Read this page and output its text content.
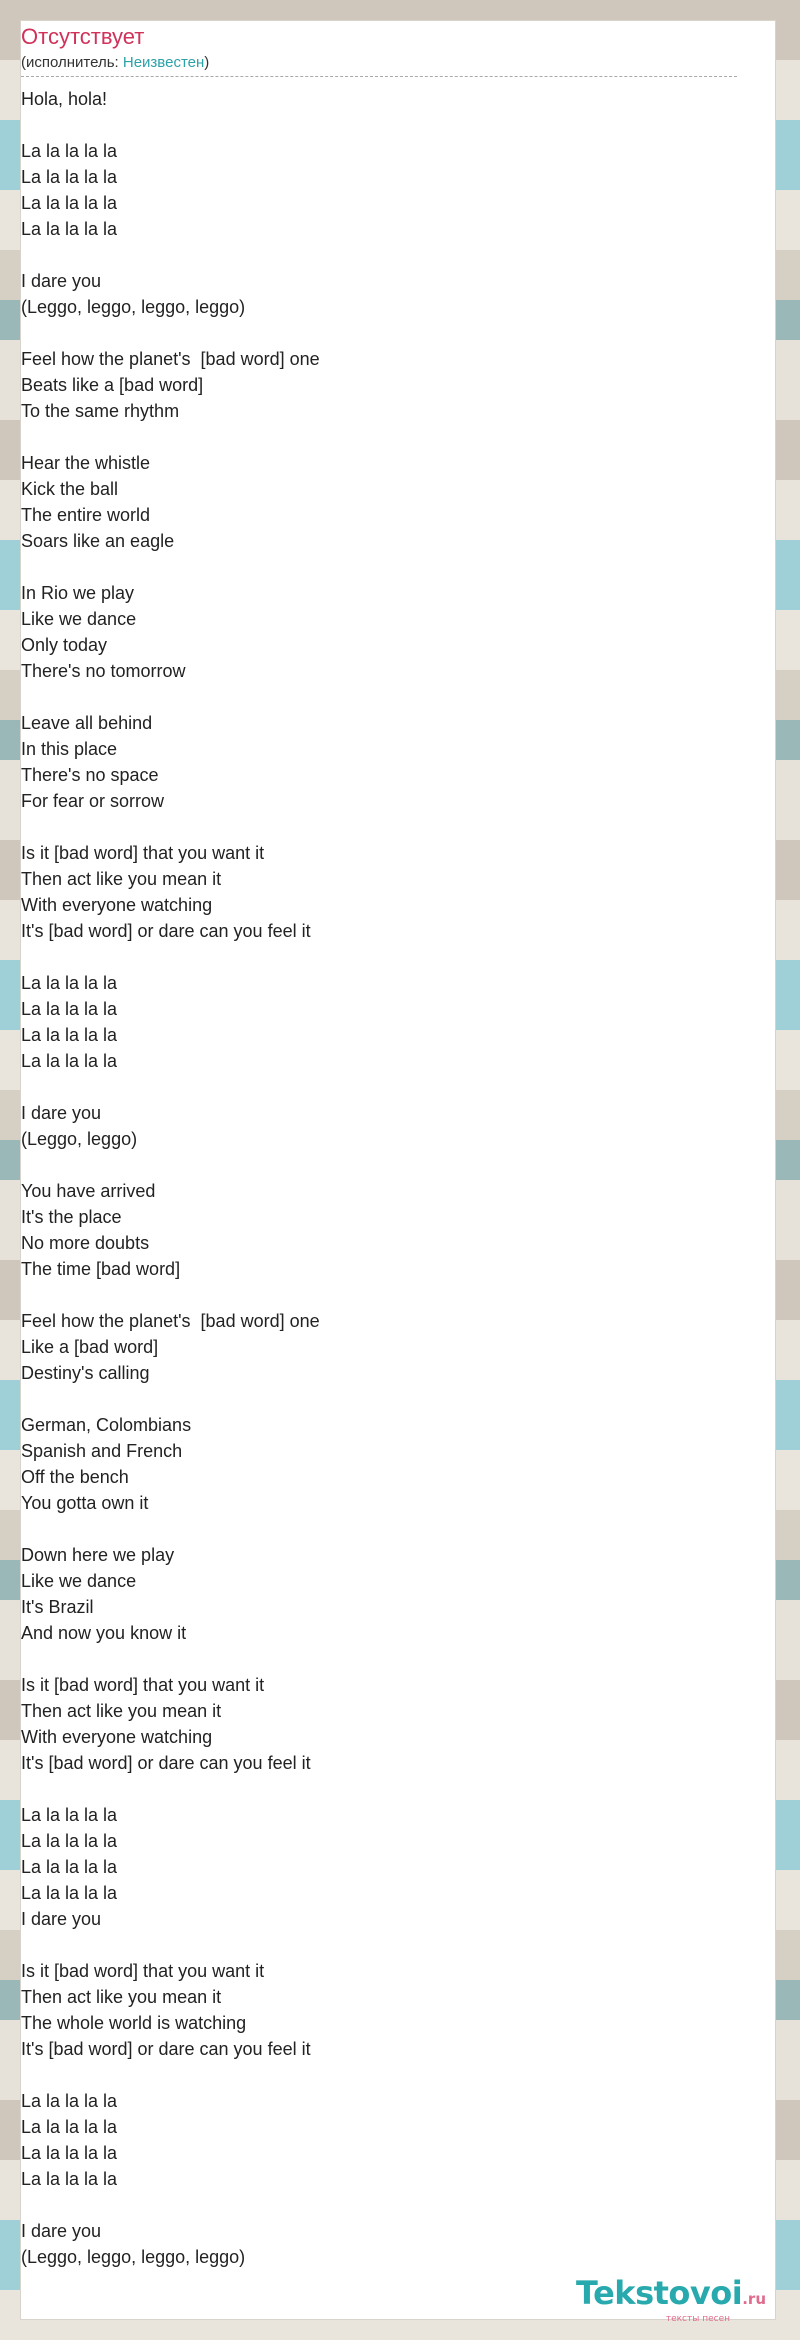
Отсутствует
(исполнитель: Неизвестен)
Hola, hola!
La la la la la
La la la la la
La la la la la
La la la la la
I dare you
(Leggo, leggo, leggo, leggo)
Feel how the planet's  [bad word] one
Beats like a [bad word]
To the same rhythm
Hear the whistle
Kick the ball
The entire world
Soars like an eagle
In Rio we play
Like we dance
Only today
There's no tomorrow
Leave all behind
In this place
There's no space
For fear or sorrow
Is it [bad word] that you want it
Then act like you mean it
With everyone watching
It's [bad word] or dare can you feel it
La la la la la
La la la la la
La la la la la
La la la la la
I dare you
(Leggo, leggo)
You have arrived
It's the place
No more doubts
The time [bad word]
Feel how the planet's  [bad word] one
Like a [bad word]
Destiny's calling
German, Colombians
Spanish and French
Off the bench
You gotta own it
Down here we play
Like we dance
It's Brazil
And now you know it
Is it [bad word] that you want it
Then act like you mean it
With everyone watching
It's [bad word] or dare can you feel it
La la la la la
La la la la la
La la la la la
La la la la la
I dare you
Is it [bad word] that you want it
Then act like you mean it
The whole world is watching
It's [bad word] or dare can you feel it
La la la la la
La la la la la
La la la la la
La la la la la
I dare you
(Leggo, leggo, leggo, leggo)
Tekstovoi.ru
тексты песен
